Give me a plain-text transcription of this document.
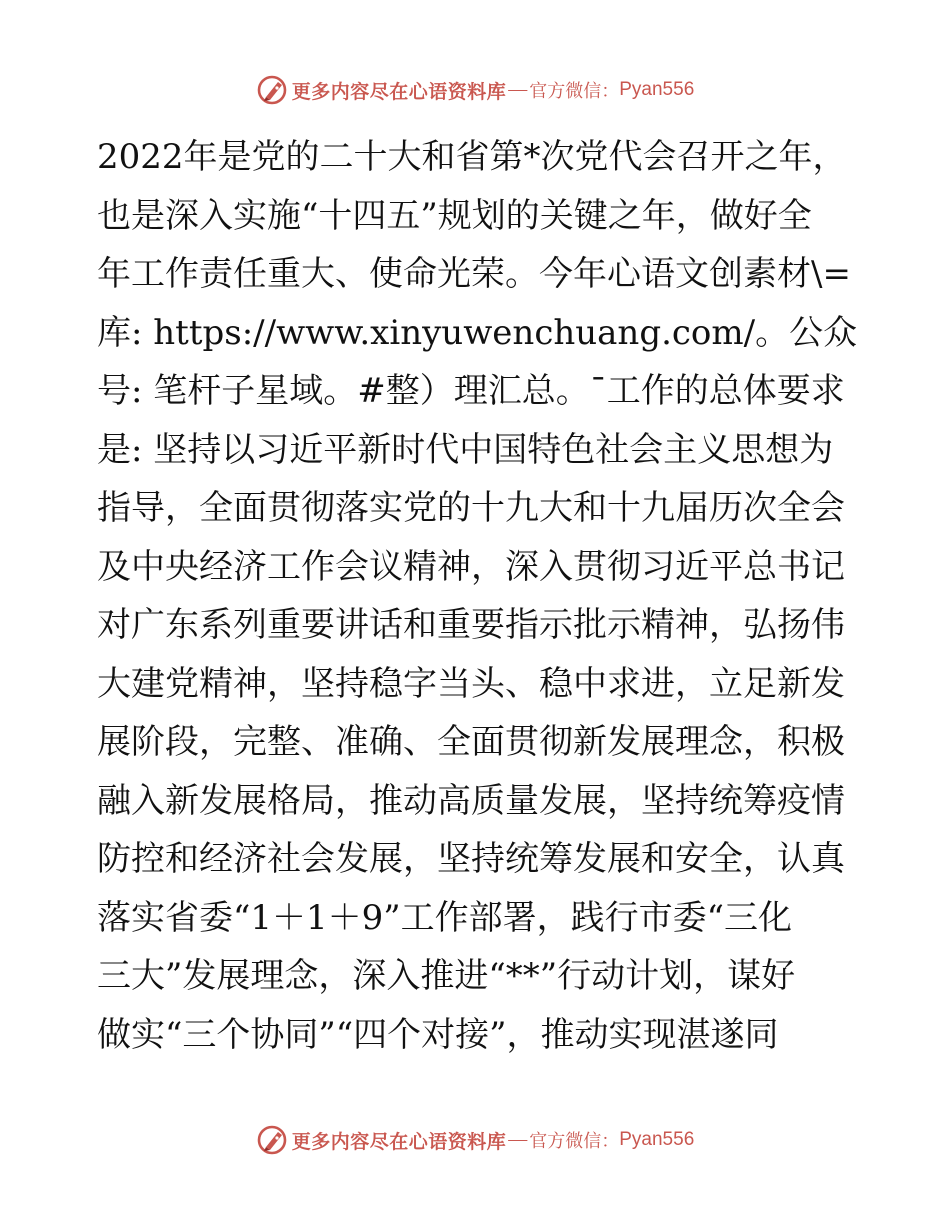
更多内容尽在心语资料库 — 官方微信： Pyan556
2022年是党的二十大和省第*次党代会召开之年，
也是深入实施“十四五”规划的关键之年，做好全
年工作责任重大、使命光荣。今年心语文创素材\=
库: https://www.xinyuwenchuang.com/。公众
号: 笔杆子星域。#整）理汇总。¯工作的总体要求
是: 坚持以习近平新时代中国特色社会主义思想为
指导，全面贯彻落实党的十九大和十九届历次全会
及中央经济工作会议精神，深入贯彻习近平总书记
对广东系列重要讲话和重要指示批示精神，弘扬伟
大建党精神，坚持稳字当头、稳中求进，立足新发
展阶段，完整、准确、全面贯彻新发展理念，积极
融入新发展格局，推动高质量发展，坚持统筹疫情
防控和经济社会发展，坚持统筹发展和安全，认真
落实省委“1＋1＋9”工作部署，践行市委“三化
三大”发展理念，深入推进“**”行动计划，谋好
做实“三个协同”“四个对接”，推动实现湛遂同
更多内容尽在心语资料库 — 官方微信： Pyan556
